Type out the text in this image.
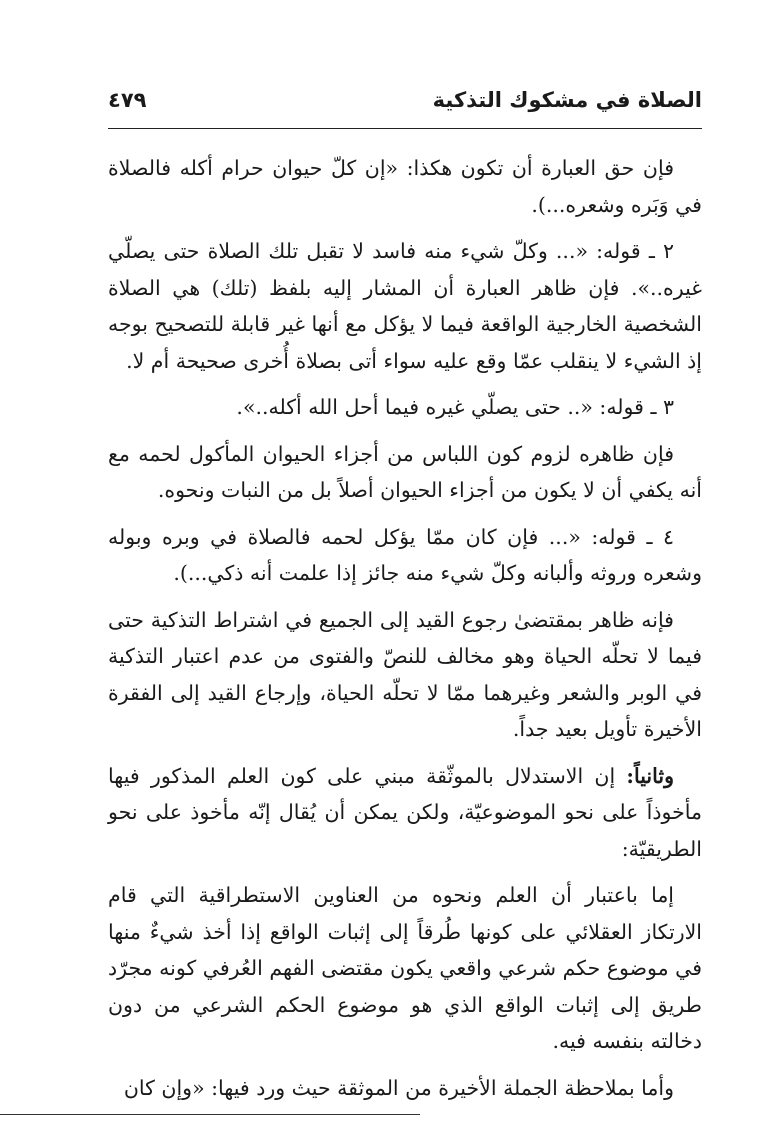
الصلاة في مشكوك التذكية
٤٧٩

فإن حق العبارة أن تكون هكذا: «إن كلّ حيوان حرام أكله فالصلاة في وَبَره وشعره...).

٢ ـ قوله: «... وكلّ شيء منه فاسد لا تقبل تلك الصلاة حتى يصلّي غيره..». فإن ظاهر العبارة أن المشار إليه بلفظ (تلك) هي الصلاة الشخصية الخارجية الواقعة فيما لا يؤكل مع أنها غير قابلة للتصحيح بوجه إذ الشيء لا ينقلب عمّا وقع عليه سواء أتى بصلاة أُخرى صحيحة أم لا.

٣ ـ قوله: «.. حتى يصلّي غيره فيما أحل الله أكله..».

فإن ظاهره لزوم كون اللباس من أجزاء الحيوان المأكول لحمه مع أنه يكفي أن لا يكون من أجزاء الحيوان أصلاً بل من النبات ونحوه.

٤ ـ قوله: «... فإن كان ممّا يؤكل لحمه فالصلاة في وبره وبوله وشعره وروثه وألبانه وكلّ شيء منه جائز إذا علمت أنه ذكي...).

فإنه ظاهر بمقتضىٰ رجوع القيد إلى الجميع في اشتراط التذكية حتى فيما لا تحلّه الحياة وهو مخالف للنصّ والفتوى من عدم اعتبار التذكية في الوبر والشعر وغيرهما ممّا لا تحلّه الحياة، وإرجاع القيد إلى الفقرة الأخيرة تأويل بعيد جداً.

وثانياً: إن الاستدلال بالموثّقة مبني على كون العلم المذكور فيها مأخوذاً على نحو الموضوعيّة، ولكن يمكن أن يُقال إنّه مأخوذ على نحو الطريقيّة:

إما باعتبار أن العلم ونحوه من العناوين الاستطراقية التي قام الارتكاز العقلائي على كونها طُرقاً إلى إثبات الواقع إذا أخذ شيءٌ منها في موضوع حكم شرعي واقعي يكون مقتضى الفهم العُرفي كونه مجرّد طريق إلى إثبات الواقع الذي هو موضوع الحكم الشرعي من دون دخالته بنفسه فيه.

وأما بملاحظة الجملة الأخيرة من الموثقة حيث ورد فيها: «وإن كان
